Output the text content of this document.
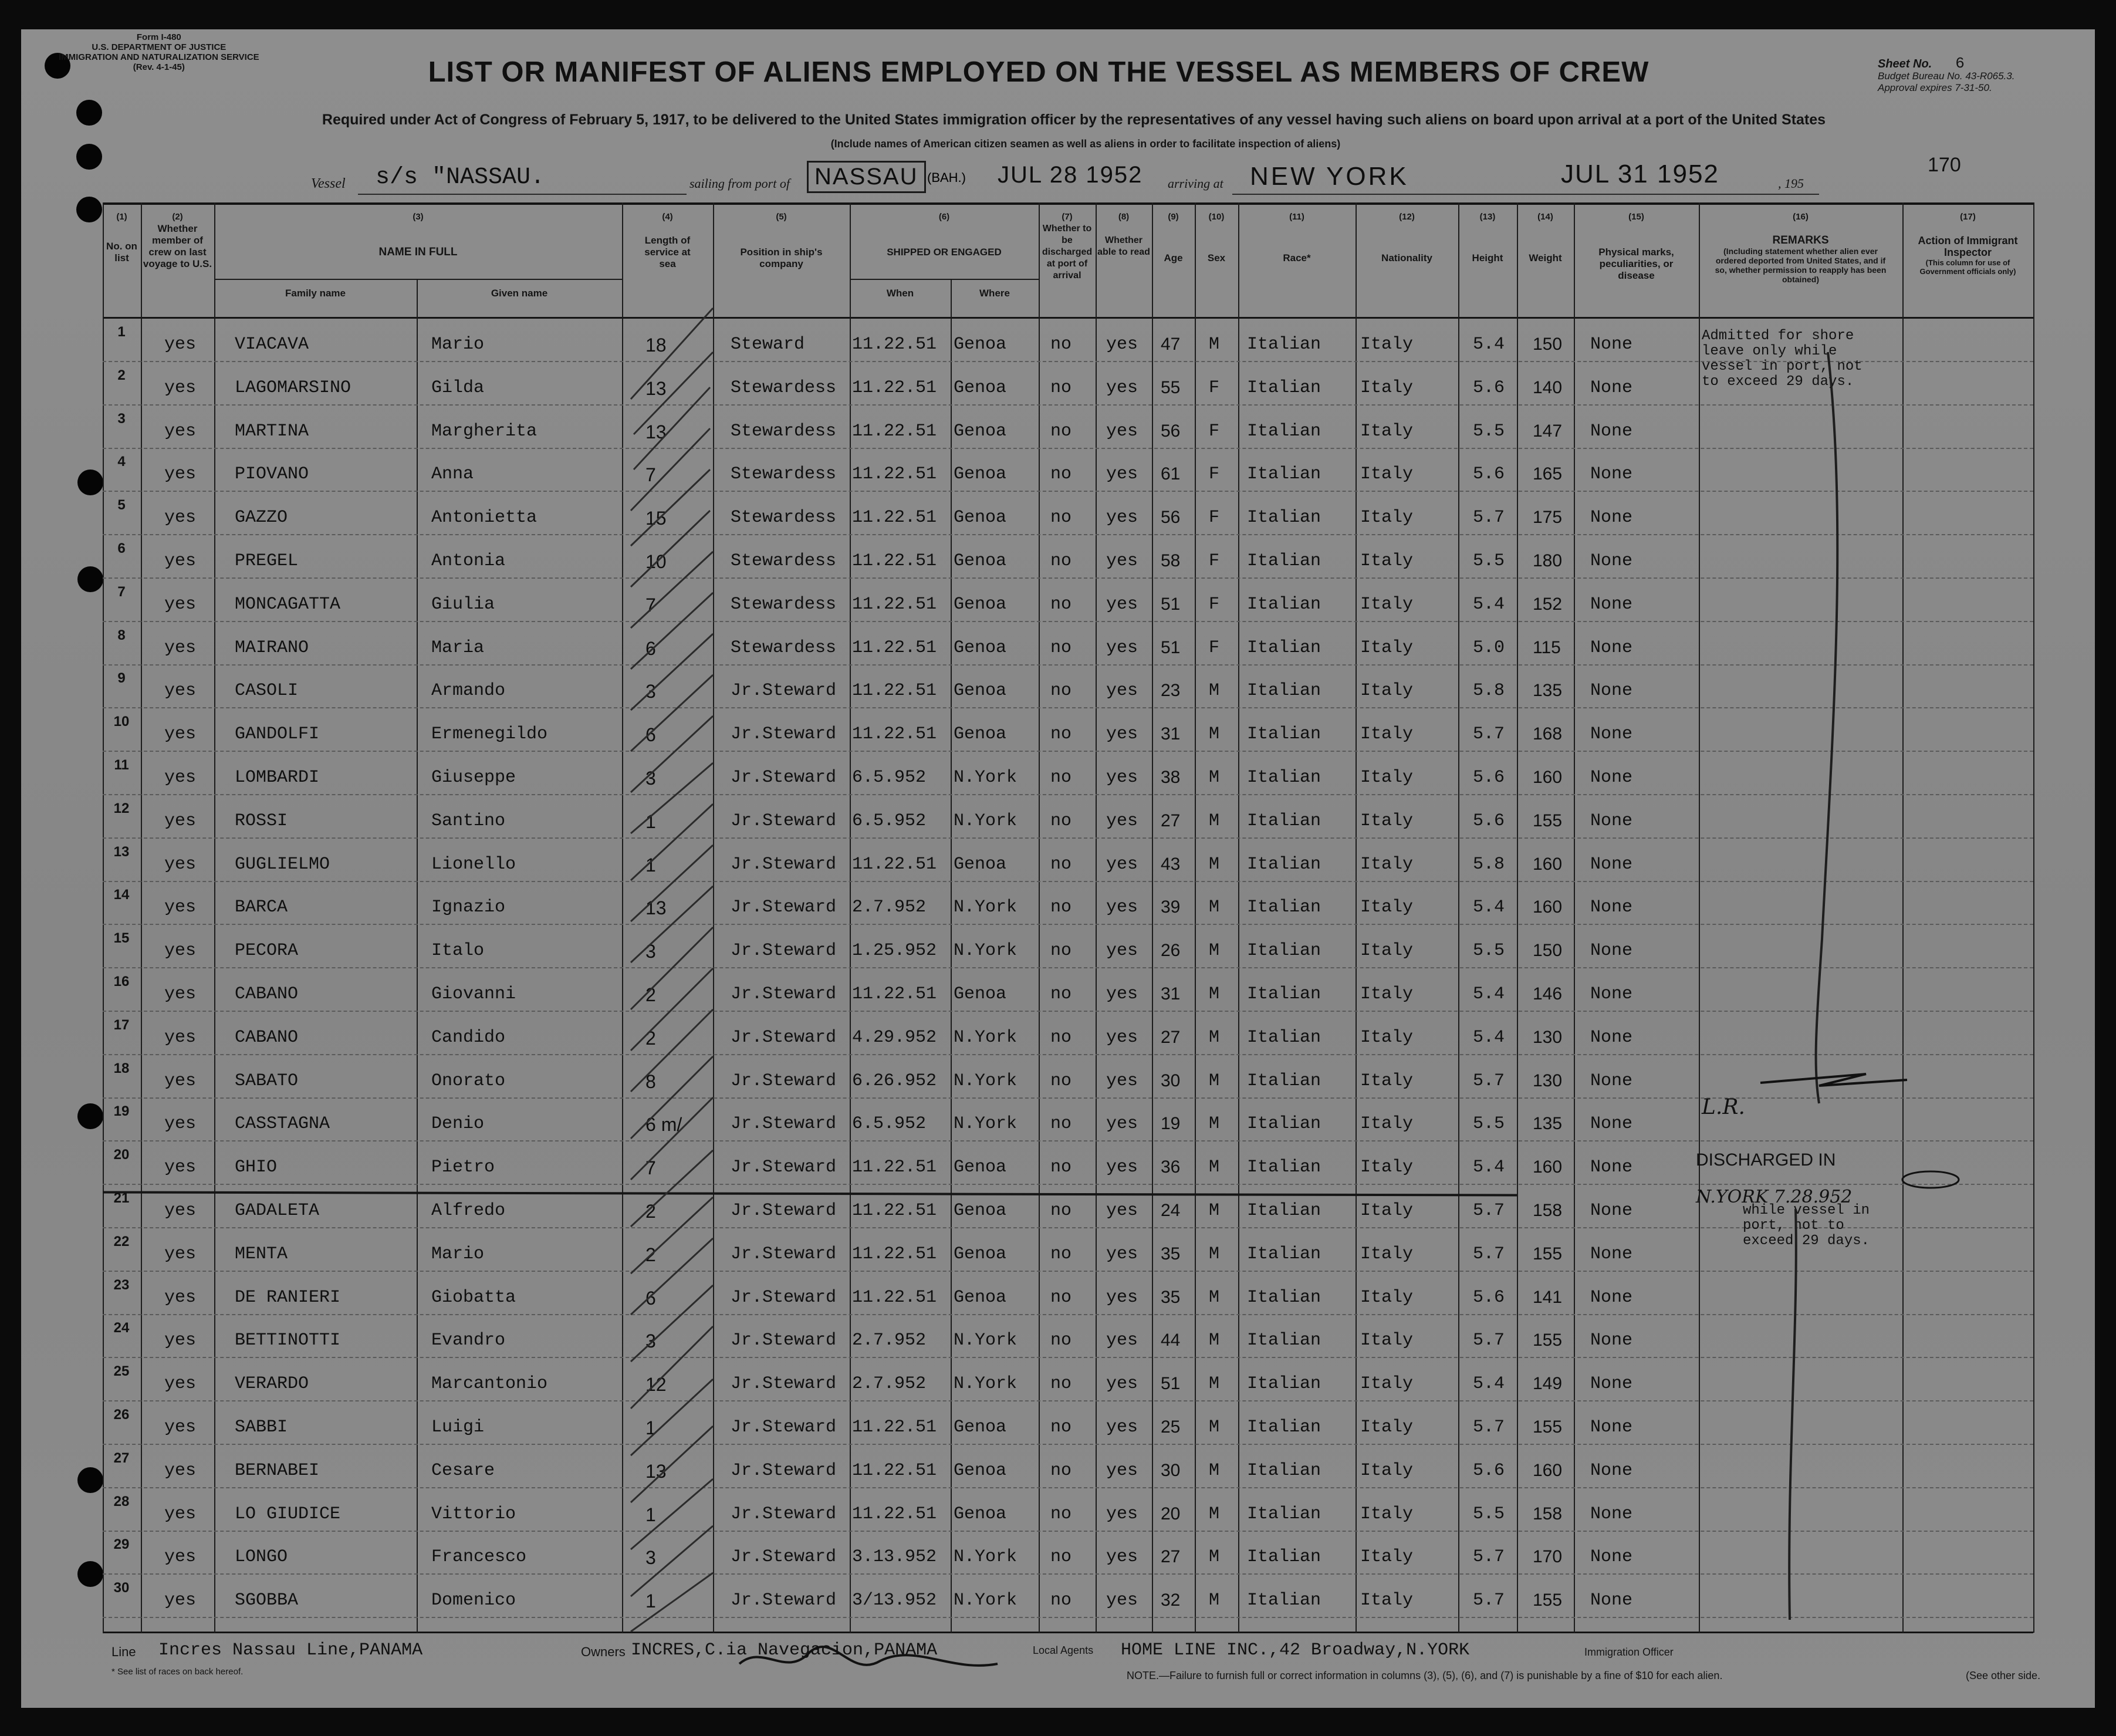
Form I-480
U.S. DEPARTMENT OF JUSTICE
IMMIGRATION AND NATURALIZATION SERVICE
(Rev. 4-1-45)	LIST OR MANIFEST OF ALIENS EMPLOYED ON THE VESSEL AS MEMBERS OF CREW	Sheet No. 6
Budget Bureau No. 43-R065.3.
Approval expires 7-31-50.
Required under Act of Congress of February 5, 1917, to be delivered to the United States immigration officer by the representatives of any vessel having such aliens on board upon arrival at a port of the United States
(Include names of American citizen seamen as well as aliens in order to facilitate inspection of aliens)
Vessel s/s "NASSAU.	sailing from port of	NASSAU (BAH.) JUL 28 1952 arriving at NEW YORK	JUL 31 1952	, 195
170
(1)
No. on list
(2)
Whether member of crew on last voyage to U.S.
(3)
NAME IN FULL
Family name	Given name
(4)
Length of service at sea
(5)
Position in ship's company
(6)
SHIPPED OR ENGAGED
When	Where
(7)
Whether to be discharged at port of arrival
(8)
Whether able to read
(9)
Age
(10)
Sex
(11)
Race*
(12)
Nationality
(13)
Height
(14)
Weight
(15)
Physical marks, peculiarities, or disease
(16)
REMARKS
(Including statement whether alien ever ordered deported from United States, and if so, whether permission to reapply has been obtained)
(17)
Action of Immigrant Inspector
(This column for use of Government officials only)
1
yes VIACAVA	Mario	18	Steward	11.22.51 Genoa no yes 47 M Italian Italy	5.4 150 None
2
yes LAGOMARSINO	Gilda	13	Stewardess 11.22.51 Genoa no yes 55 F Italian Italy	5.6 140 None
3
yes MARTINA	Margherita	13	Stewardess 11.22.51 Genoa no yes 56 F Italian Italy	5.5 147 None
4
yes PIOVANO	Anna	7	Stewardess 11.22.51 Genoa no yes 61 F Italian Italy	5.6 165 None
5
yes GAZZO	Antonietta	15	Stewardess 11.22.51 Genoa no yes 56 F Italian Italy	5.7 175 None
6
yes PREGEL	Antonia	10	Stewardess 11.22.51 Genoa no yes 58 F Italian Italy	5.5 180 None
7
yes MONCAGATTA	Giulia	7	Stewardess 11.22.51 Genoa no yes 51 F Italian Italy	5.4 152 None
8
yes MAIRANO	Maria	6	Stewardess 11.22.51 Genoa no yes 51 F Italian Italy	5.0 115 None
9
yes CASOLI	Armando	3	Jr.Steward 11.22.51 Genoa no yes 23 M Italian Italy	5.8 135 None
10
yes GANDOLFI	Ermenegildo	6	Jr.Steward 11.22.51 Genoa no yes 31 M Italian Italy	5.7 168 None
11
yes LOMBARDI	Giuseppe	3	Jr.Steward 6.5.952 N.York no yes 38 M Italian Italy	5.6 160 None
12
yes ROSSI	Santino	1	Jr.Steward 6.5.952 N.York no yes 27 M Italian Italy	5.6 155 None
13
yes GUGLIELMO	Lionello	1	Jr.Steward 11.22.51 Genoa no yes 43 M Italian Italy	5.8 160 None
14
yes BARCA	Ignazio	13	Jr.Steward 2.7.952 N.York no yes 39 M Italian Italy	5.4 160 None
15
yes PECORA	Italo	3	Jr.Steward 1.25.952 N.York no yes 26 M Italian Italy	5.5 150 None
16
yes CABANO	Giovanni	2	Jr.Steward 11.22.51 Genoa no yes 31 M Italian Italy	5.4 146 None
17
yes CABANO	Candido	2	Jr.Steward 4.29.952 N.York no yes 27 M Italian Italy	5.4 130 None
18
yes SABATO	Onorato	8	Jr.Steward 6.26.952 N.York no yes 30 M Italian Italy	5.7 130 None
19
yes CASSTAGNA	Denio	6 m/	Jr.Steward 6.5.952 N.York no yes 19 M Italian Italy	5.5 135 None
20
yes GHIO	Pietro	7	Jr.Steward 11.22.51 Genoa no yes 36 M Italian Italy	5.4 160 None
21
yes GADALETA	Alfredo	2	Jr.Steward 11.22.51 Genoa no yes 24 M Italian Italy	5.7 158 None
22
yes MENTA	Mario	2	Jr.Steward 11.22.51 Genoa no yes 35 M Italian Italy	5.7 155 None
23
yes DE RANIERI	Giobatta	6	Jr.Steward 11.22.51 Genoa no yes 35 M Italian Italy	5.6 141 None
24
yes BETTINOTTI	Evandro	3	Jr.Steward 2.7.952 N.York no yes 44 M Italian Italy	5.7 155 None
25
yes VERARDO	Marcantonio	12	Jr.Steward 2.7.952 N.York no yes 51 M Italian Italy	5.4 149 None
26
yes SABBI	Luigi	1	Jr.Steward 11.22.51 Genoa no yes 25 M Italian Italy	5.7 155 None
27
yes BERNABEI	Cesare	13	Jr.Steward 11.22.51 Genoa no yes 30 M Italian Italy	5.6 160 None
28
yes LO GIUDICE	Vittorio	1	Jr.Steward 11.22.51 Genoa no yes 20 M Italian Italy	5.5 158 None
29
yes LONGO	Francesco	3	Jr.Steward 3.13.952 N.York no yes 27 M Italian Italy	5.7 170 None
30
yes SGOBBA	Domenico	1	Jr.Steward 3/13.952 N.York no yes 32 M Italian Italy	5.7 155 None
Admitted for shore leave only while vessel in port, not to exceed 29 days.
L.R.
DISCHARGED IN
N.YORK 7.28.952
while vessel in port, not to exceed 29 days.
Line Incres Nassau Line,PANAMA	Owners INCRES,C.ia Navegacion,PANAMA	Local Agents HOME LINE INC.,42 Broadway,N.YORK	Immigration Officer
* See list of races on back hereof.	NOTE.—Failure to furnish full or correct information in columns (3), (5), (6), and (7) is punishable by a fine of $10 for each alien.	(See other side.
